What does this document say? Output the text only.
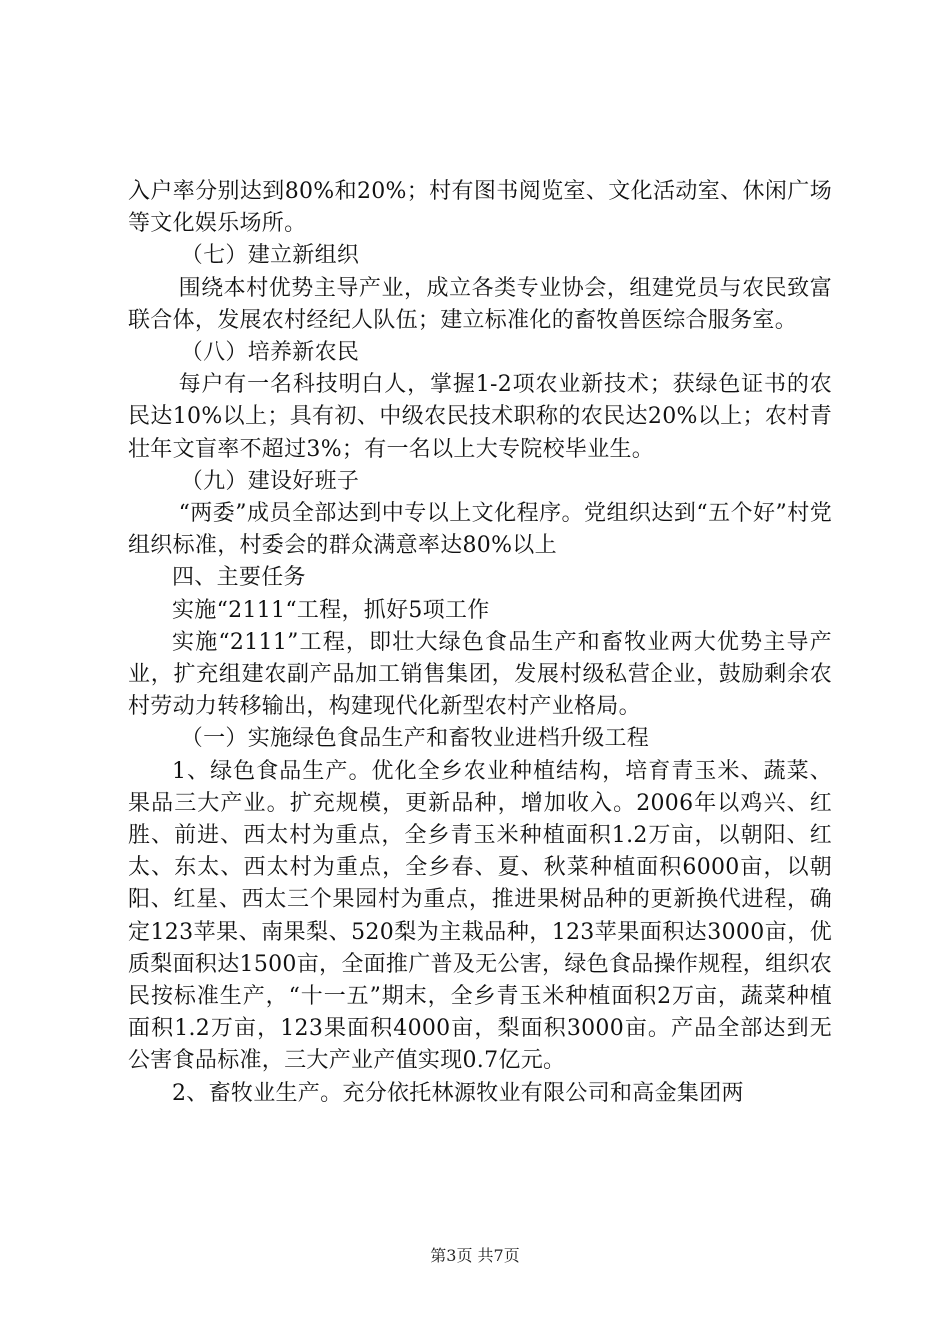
入户率分别达到80%和20%；村有图书阅览室、文化活动室、休闲广场等文化娱乐场所。

（七）建立新组织

围绕本村优势主导产业，成立各类专业协会，组建党员与农民致富联合体，发展农村经纪人队伍；建立标准化的畜牧兽医综合服务室。

（八）培养新农民

每户有一名科技明白人，掌握1-2项农业新技术；获绿色证书的农民达10%以上；具有初、中级农民技术职称的农民达20%以上；农村青壮年文盲率不超过3%；有一名以上大专院校毕业生。

（九）建设好班子

“两委”成员全部达到中专以上文化程序。党组织达到“五个好”村党组织标准，村委会的群众满意率达80%以上

四、主要任务

实施“2111“工程，抓好5项工作

实施“2111”工程，即壮大绿色食品生产和畜牧业两大优势主导产业，扩充组建农副产品加工销售集团，发展村级私营企业，鼓励剩余农村劳动力转移输出，构建现代化新型农村产业格局。

（一）实施绿色食品生产和畜牧业进档升级工程

1、绿色食品生产。优化全乡农业种植结构，培育青玉米、蔬菜、果品三大产业。扩充规模，更新品种，增加收入。2006年以鸡兴、红胜、前进、西太村为重点，全乡青玉米种植面积1.2万亩，以朝阳、红太、东太、西太村为重点，全乡春、夏、秋菜种植面积6000亩，以朝阳、红星、西太三个果园村为重点，推进果树品种的更新换代进程，确定123苹果、南果梨、520梨为主栽品种，123苹果面积达3000亩，优质梨面积达1500亩，全面推广普及无公害，绿色食品操作规程，组织农民按标准生产，“十一五”期末，全乡青玉米种植面积2万亩，蔬菜种植面积1.2万亩，123果面积4000亩，梨面积3000亩。产品全部达到无公害食品标准，三大产业产值实现0.7亿元。

2、畜牧业生产。充分依托林源牧业有限公司和高金集团两

第3页 共7页
